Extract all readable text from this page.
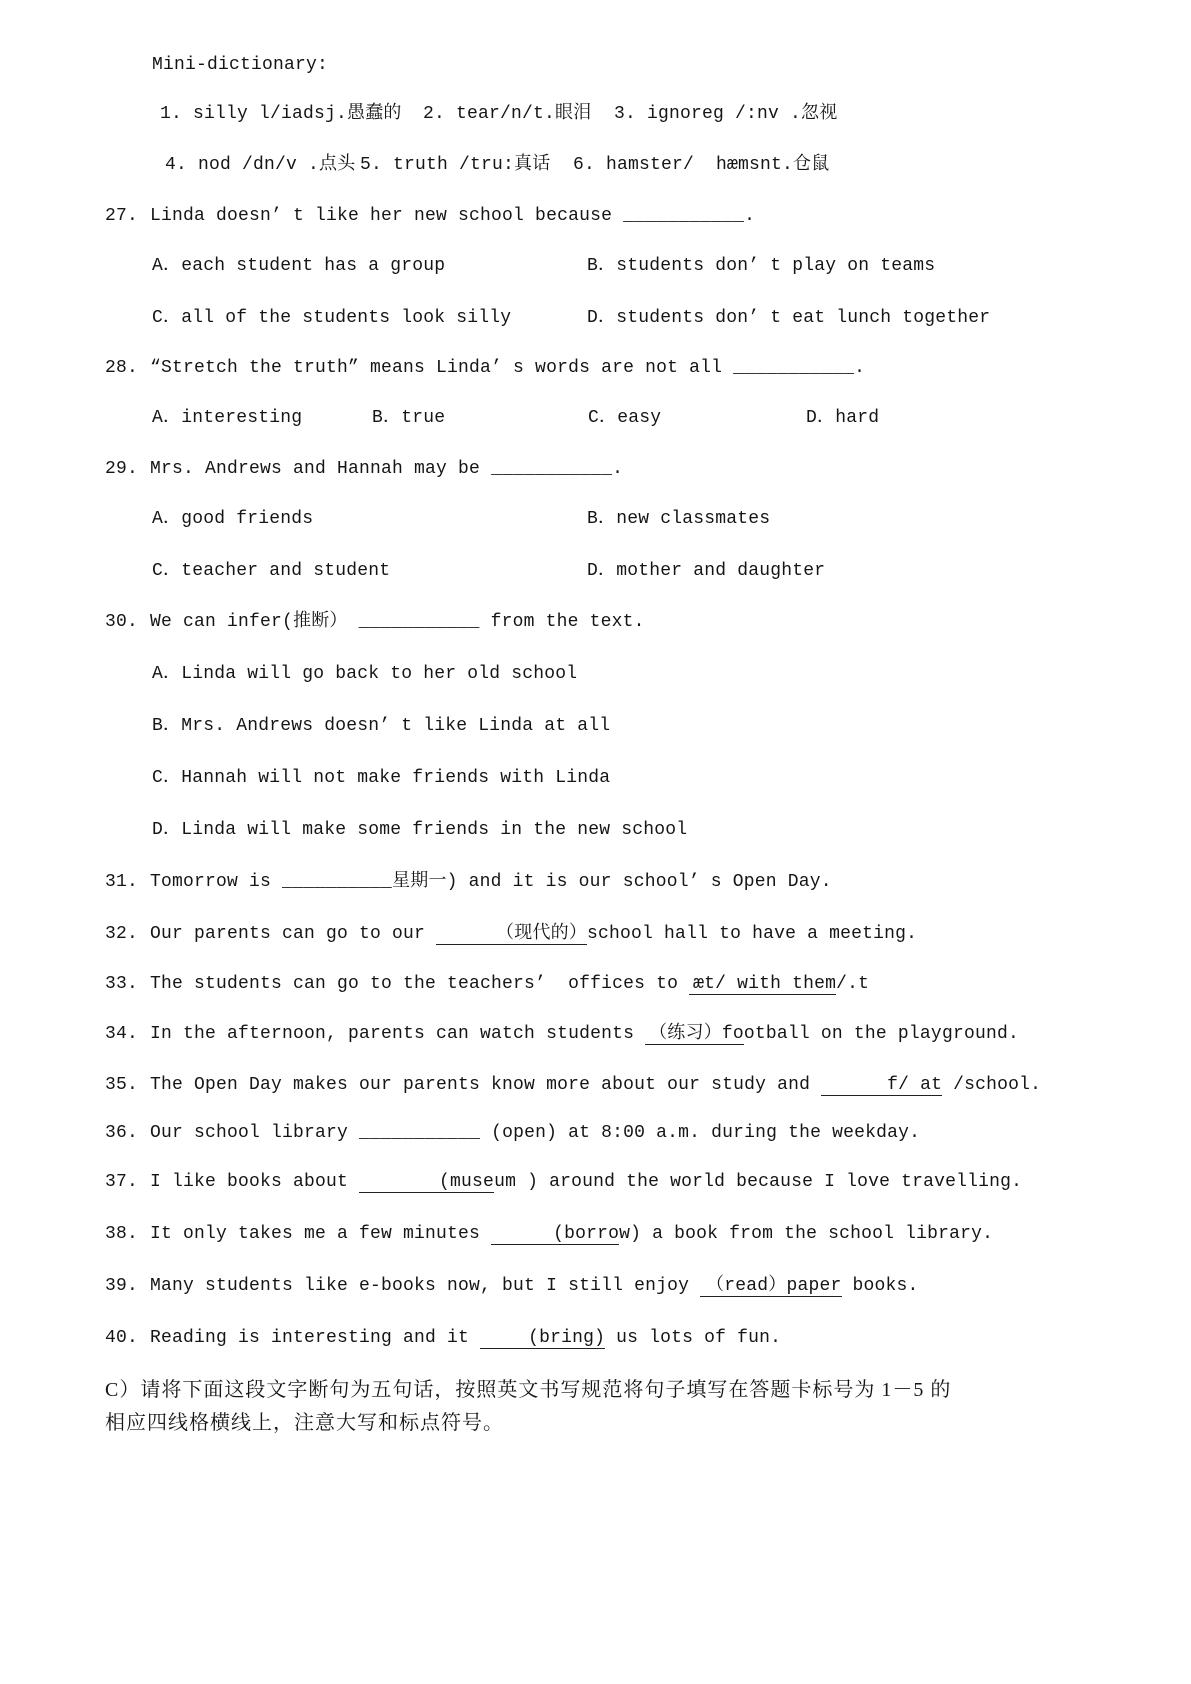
Mini-dictionary:
1. silly l/iadsj.愚蠢的 2. tear/n/t.眼泪 3. ignoreg /:nv .忽视
4. nod /dn/v .点头 5. truth /tru:真话 6. hamster/  hæmsnt.仓鼠
27. Linda doesn’ t like her new school because ___________.
A．each student has a group	B．students don’ t play on teams
C．all of the students look silly	D．students don’ t eat lunch together
28. “Stretch the truth” means Linda’ s words are not all ___________.
A．interesting	B．true	C．easy	D．hard
29. Mrs. Andrews and Hannah may be ___________.
A．good friends	B．new classmates
C．teacher and student	D．mother and daughter
30. We can infer(推断） ___________ from the text.
A．Linda will go back to her old school
B．Mrs. Andrews doesn’ t like Linda at all
C．Hannah will not make friends with Linda
D．Linda will make some friends in the new school
31. Tomorrow is __________星期一) and it is our school’ s Open Day.
32. Our parents can go to our	（现代的）school hall to have a meeting.
33. The students can go to the teachers’  offices to æt/ with them/.t
34. In the afternoon, parents can watch students （练习）football on the playground.
35. The Open Day makes our parents know more about our study and	f/ at /school.
36. Our school library ___________ (open) at 8:00 a.m. during the weekday.
37. I like books about	(museum ) around the world because I love travelling.
38. It only takes me a few minutes	(borrow) a book from the school library.
39. Many students like e-books now, but I still enjoy （read）paper books.
40. Reading is interesting and it	(bring) us lots of fun.
C）请将下面这段文字断句为五句话，按照英文书写规范将句子填写在答题卡标号为 1－5 的
相应四线格横线上，注意大写和标点符号。
